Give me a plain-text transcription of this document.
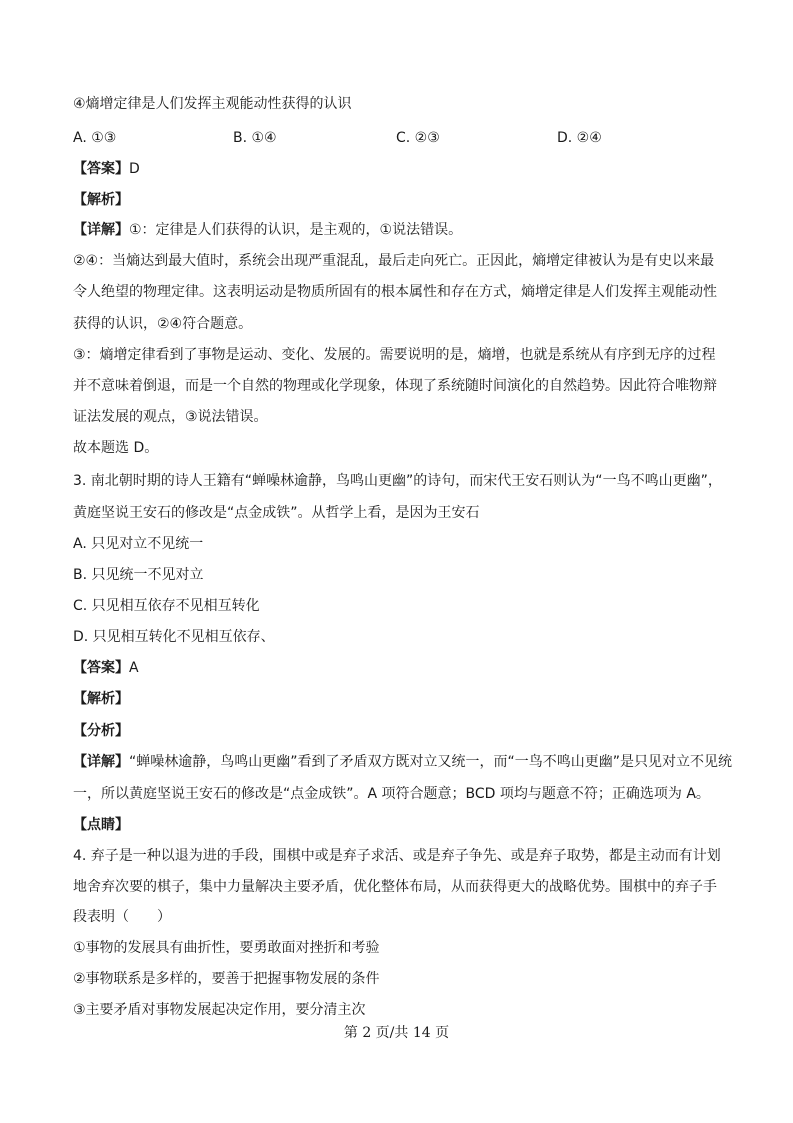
④熵增定律是人们发挥主观能动性获得的认识
A. ①③	B. ①④	C. ②③	D. ②④
【答案】D
【解析】
【详解】①：定律是人们获得的认识，是主观的，①说法错误。
②④：当熵达到最大值时，系统会出现严重混乱，最后走向死亡。正因此，熵增定律被认为是有史以来最
令人绝望的物理定律。这表明运动是物质所固有的根本属性和存在方式，熵增定律是人们发挥主观能动性
获得的认识，②④符合题意。
③：熵增定律看到了事物是运动、变化、发展的。需要说明的是，熵增，也就是系统从有序到无序的过程
并不意味着倒退，而是一个自然的物理或化学现象，体现了系统随时间演化的自然趋势。因此符合唯物辩
证法发展的观点，③说法错误。
故本题选 D。
3. 南北朝时期的诗人王籍有“蝉噪林逾静，鸟鸣山更幽”的诗句，而宋代王安石则认为“一鸟不鸣山更幽”，
黄庭坚说王安石的修改是“点金成铁”。从哲学上看，是因为王安石
A. 只见对立不见统一
B. 只见统一不见对立
C. 只见相互依存不见相互转化
D. 只见相互转化不见相互依存、
【答案】A
【解析】
【分析】
【详解】“蝉噪林逾静，鸟鸣山更幽”看到了矛盾双方既对立又统一，而“一鸟不鸣山更幽”是只见对立不见统
一，所以黄庭坚说王安石的修改是“点金成铁”。A 项符合题意；BCD 项均与题意不符；正确选项为 A。
【点睛】
4. 弃子是一种以退为进的手段，围棋中或是弃子求活、或是弃子争先、或是弃子取势，都是主动而有计划
地舍弃次要的棋子，集中力量解决主要矛盾，优化整体布局，从而获得更大的战略优势。围棋中的弃子手
段表明（　　）
①事物的发展具有曲折性，要勇敢面对挫折和考验
②事物联系是多样的，要善于把握事物发展的条件
③主要矛盾对事物发展起决定作用，要分清主次
第 2 页/共 14 页
